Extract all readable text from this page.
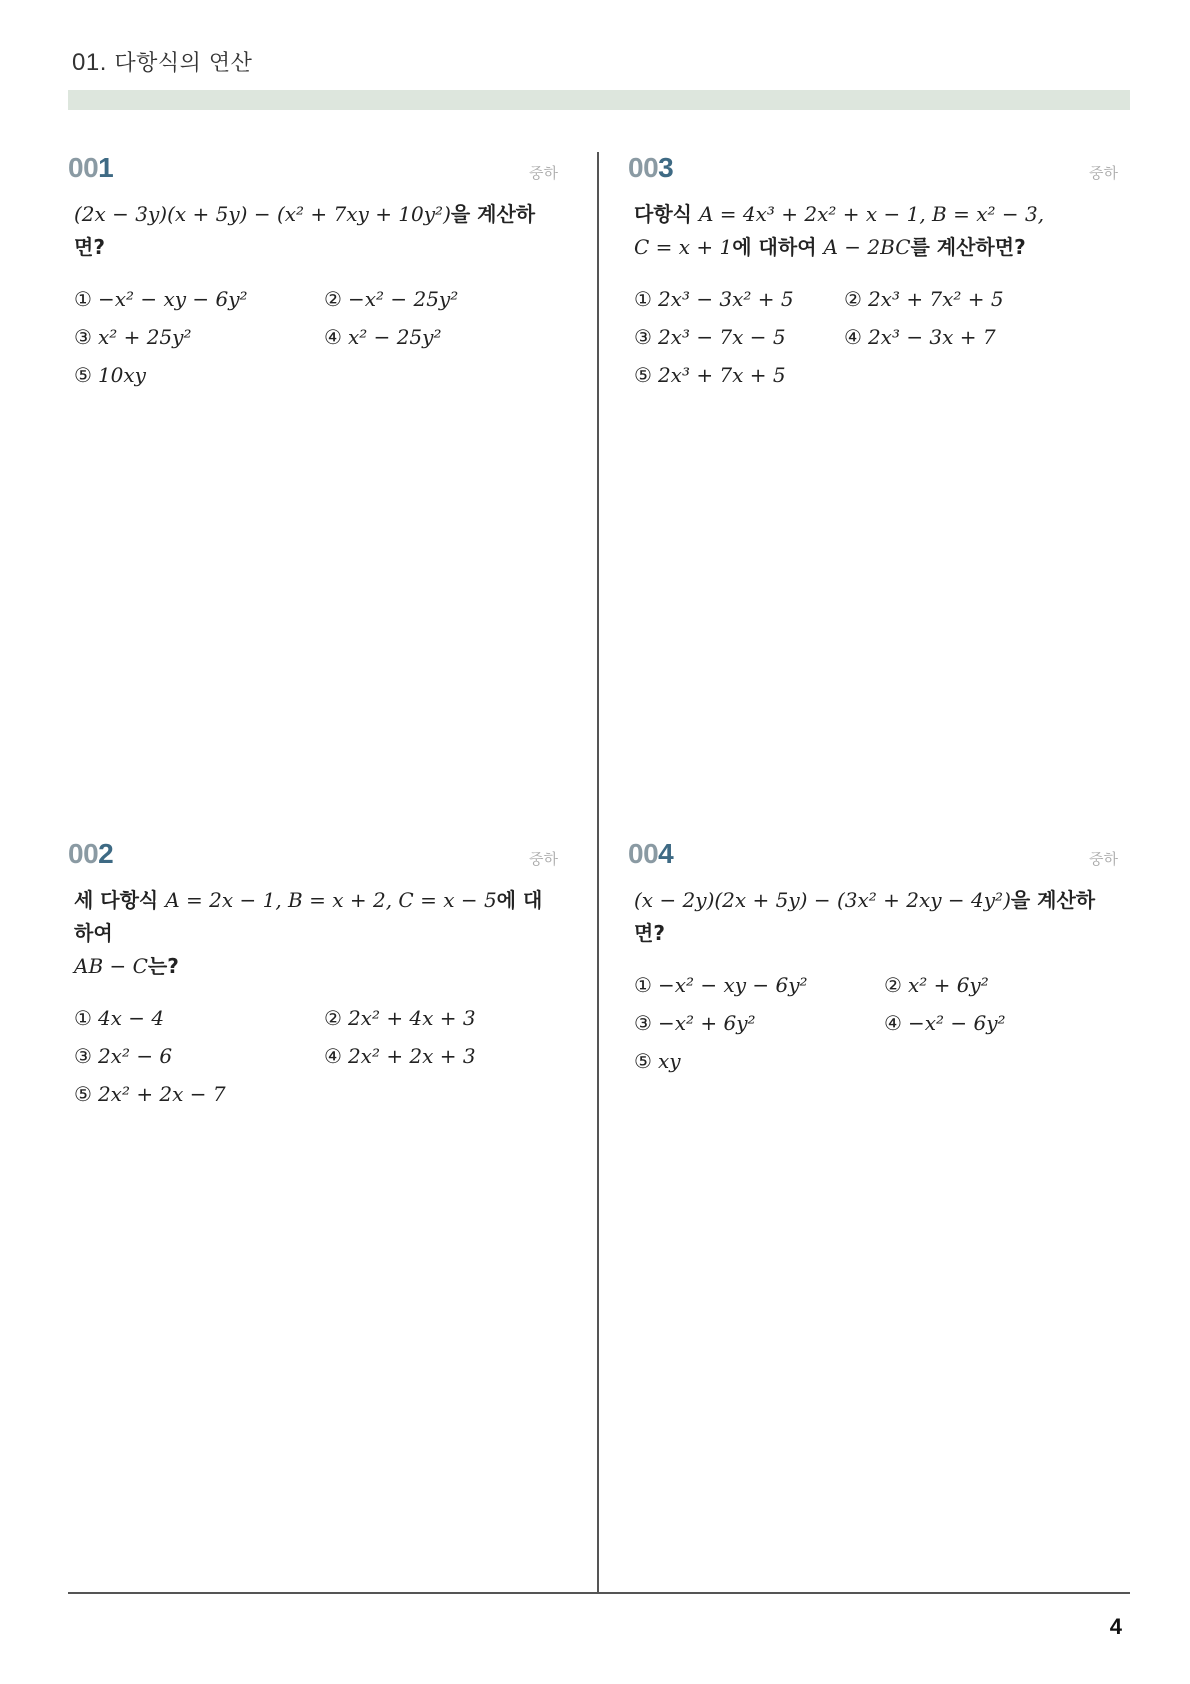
01. 다항식의 연산
001	중하
(2x − 3y)(x + 5y) − (x² + 7xy + 10y²)을 계산하면?
① −x² − xy − 6y²	② −x² − 25y²
③ x² + 25y²	④ x² − 25y²
⑤ 10xy
002	중하
세 다항식 A = 2x − 1, B = x + 2, C = x − 5에 대하여
AB − C는?
① 4x − 4	② 2x² + 4x + 3
③ 2x² − 6	④ 2x² + 2x + 3
⑤ 2x² + 2x − 7
003	중하
다항식 A = 4x³ + 2x² + x − 1, B = x² − 3,
C = x + 1에 대하여 A − 2BC를 계산하면?
① 2x³ − 3x² + 5	② 2x³ + 7x² + 5
③ 2x³ − 7x − 5	④ 2x³ − 3x + 7
⑤ 2x³ + 7x + 5
004	중하
(x − 2y)(2x + 5y) − (3x² + 2xy − 4y²)을 계산하면?
① −x² − xy − 6y²	② x² + 6y²
③ −x² + 6y²	④ −x² − 6y²
⑤ xy
4
